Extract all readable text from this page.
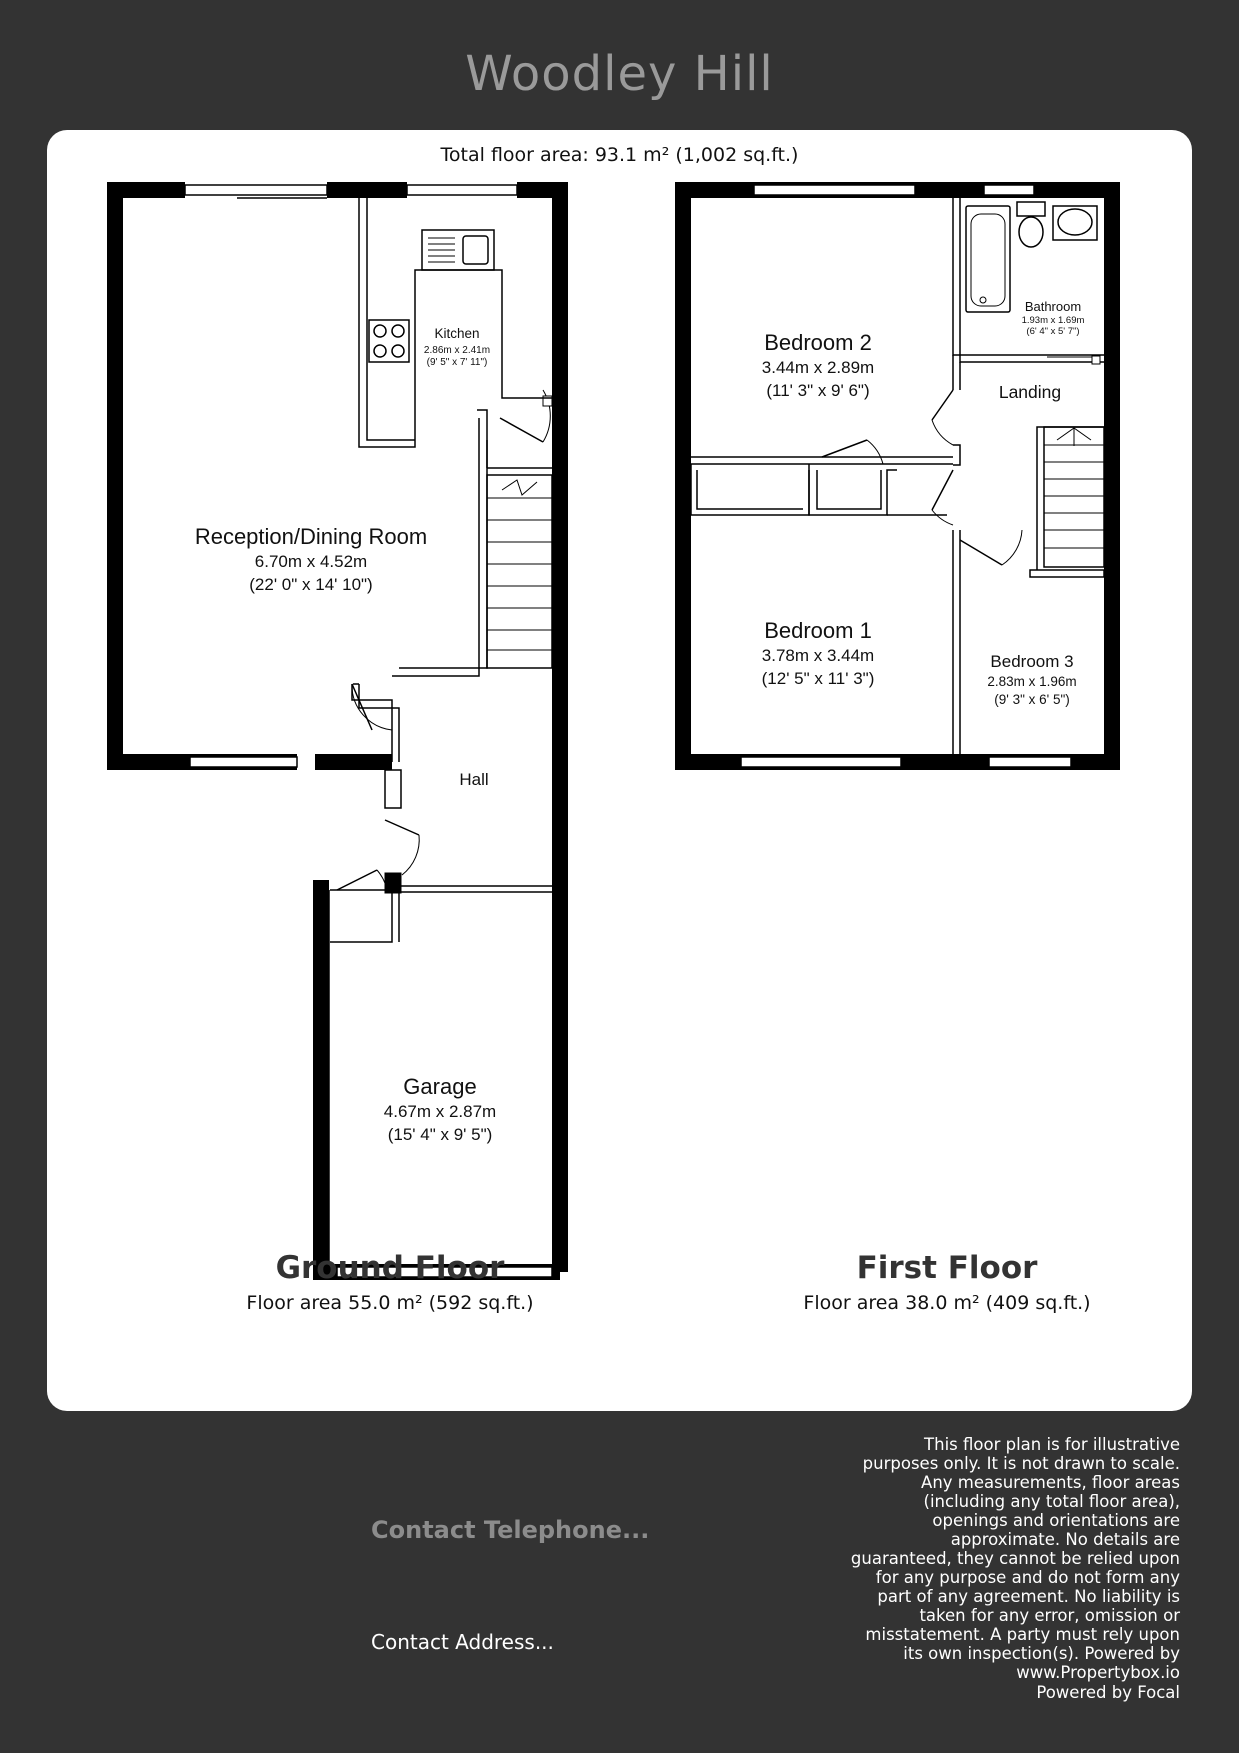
Woodley Hill
Total floor area: 93.1 m² (1,002 sq.ft.)
Reception/Dining Room
6.70m x 4.52m
(22' 0" x 14' 10")
Kitchen
2.86m x 2.41m
(9' 5" x 7' 11")
Hall
Garage
4.67m x 2.87m
(15' 4" x 9' 5")
Bedroom 2
3.44m x 2.89m
(11' 3" x 9' 6")
Bathroom
1.93m x 1.69m
(6' 4" x 5' 7")
Landing
Bedroom 1
3.78m x 3.44m
(12' 5" x 11' 3")
Bedroom 3
2.83m x 1.96m
(9' 3" x 6' 5")
Ground Floor
Floor area 55.0 m² (592 sq.ft.)
First Floor
Floor area 38.0 m² (409 sq.ft.)
Contact Telephone...
Contact Address...
This floor plan is for illustrative
purposes only. It is not drawn to scale.
Any measurements, floor areas
(including any total floor area),
openings and orientations are
approximate. No details are
guaranteed, they cannot be relied upon
for any purpose and do not form any
part of any agreement. No liability is
taken for any error, omission or
misstatement. A party must rely upon
its own inspection(s). Powered by
www.Propertybox.io
Powered by Focal
